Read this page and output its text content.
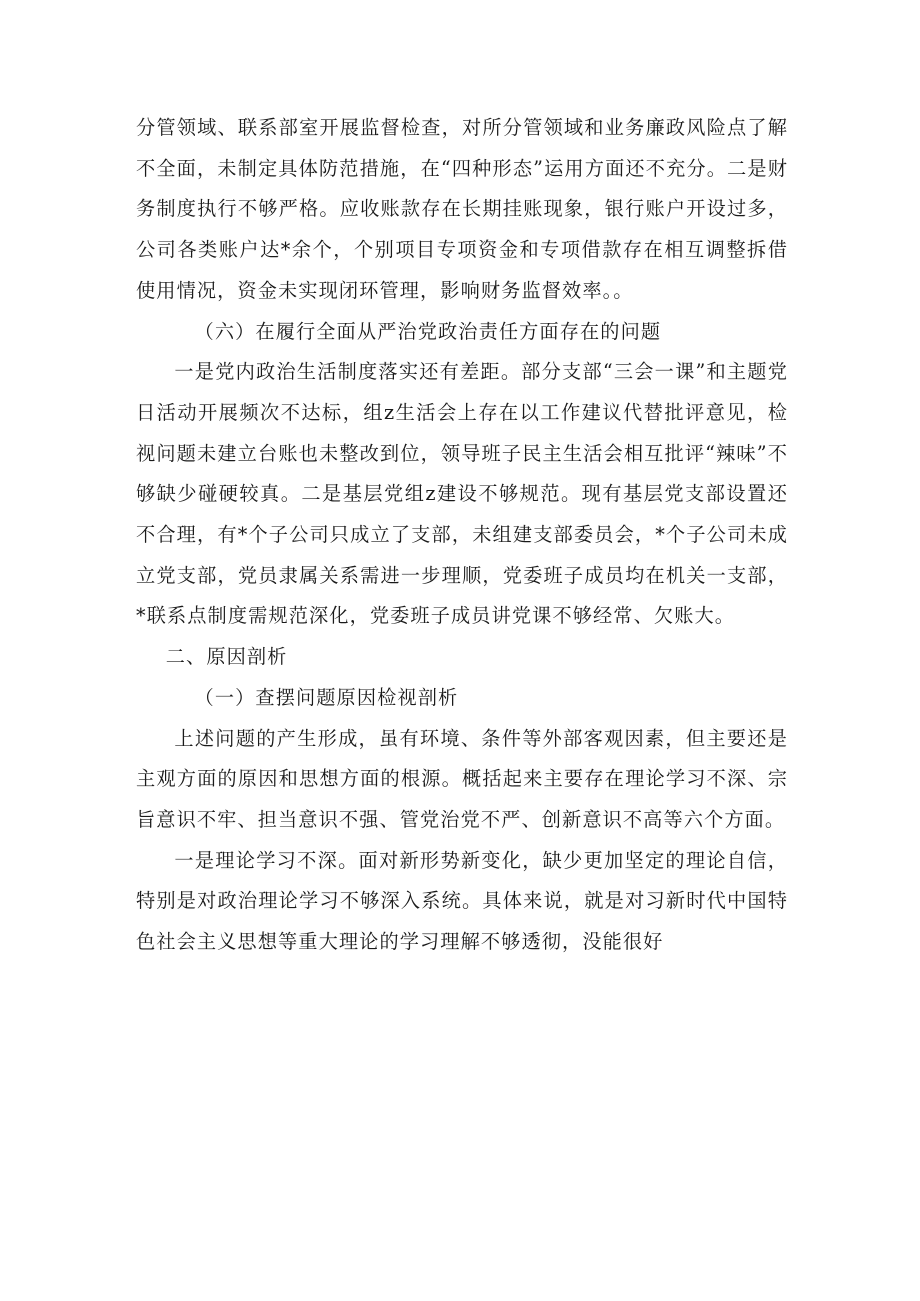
分管领域、联系部室开展监督检查，对所分管领域和业务廉政风险点了解不全面，未制定具体防范措施，在“四种形态”运用方面还不充分。二是财务制度执行不够严格。应收账款存在长期挂账现象，银行账户开设过多，公司各类账户达*余个，个别项目专项资金和专项借款存在相互调整拆借使用情况，资金未实现闭环管理，影响财务监督效率。。

（六）在履行全面从严治党政治责任方面存在的问题

一是党内政治生活制度落实还有差距。部分支部“三会一课”和主题党日活动开展频次不达标，组z生活会上存在以工作建议代替批评意见，检视问题未建立台账也未整改到位，领导班子民主生活会相互批评“辣味”不够缺少碰硬较真。二是基层党组z建设不够规范。现有基层党支部设置还不合理，有*个子公司只成立了支部，未组建支部委员会，*个子公司未成立党支部，党员隶属关系需进一步理顺，党委班子成员均在机关一支部，*联系点制度需规范深化，党委班子成员讲党课不够经常、欠账大。

二、原因剖析

（一）查摆问题原因检视剖析

上述问题的产生形成，虽有环境、条件等外部客观因素，但主要还是主观方面的原因和思想方面的根源。概括起来主要存在理论学习不深、宗旨意识不牢、担当意识不强、管党治党不严、创新意识不高等六个方面。

一是理论学习不深。面对新形势新变化，缺少更加坚定的理论自信，特别是对政治理论学习不够深入系统。具体来说，就是对习新时代中国特色社会主义思想等重大理论的学习理解不够透彻，没能很好
